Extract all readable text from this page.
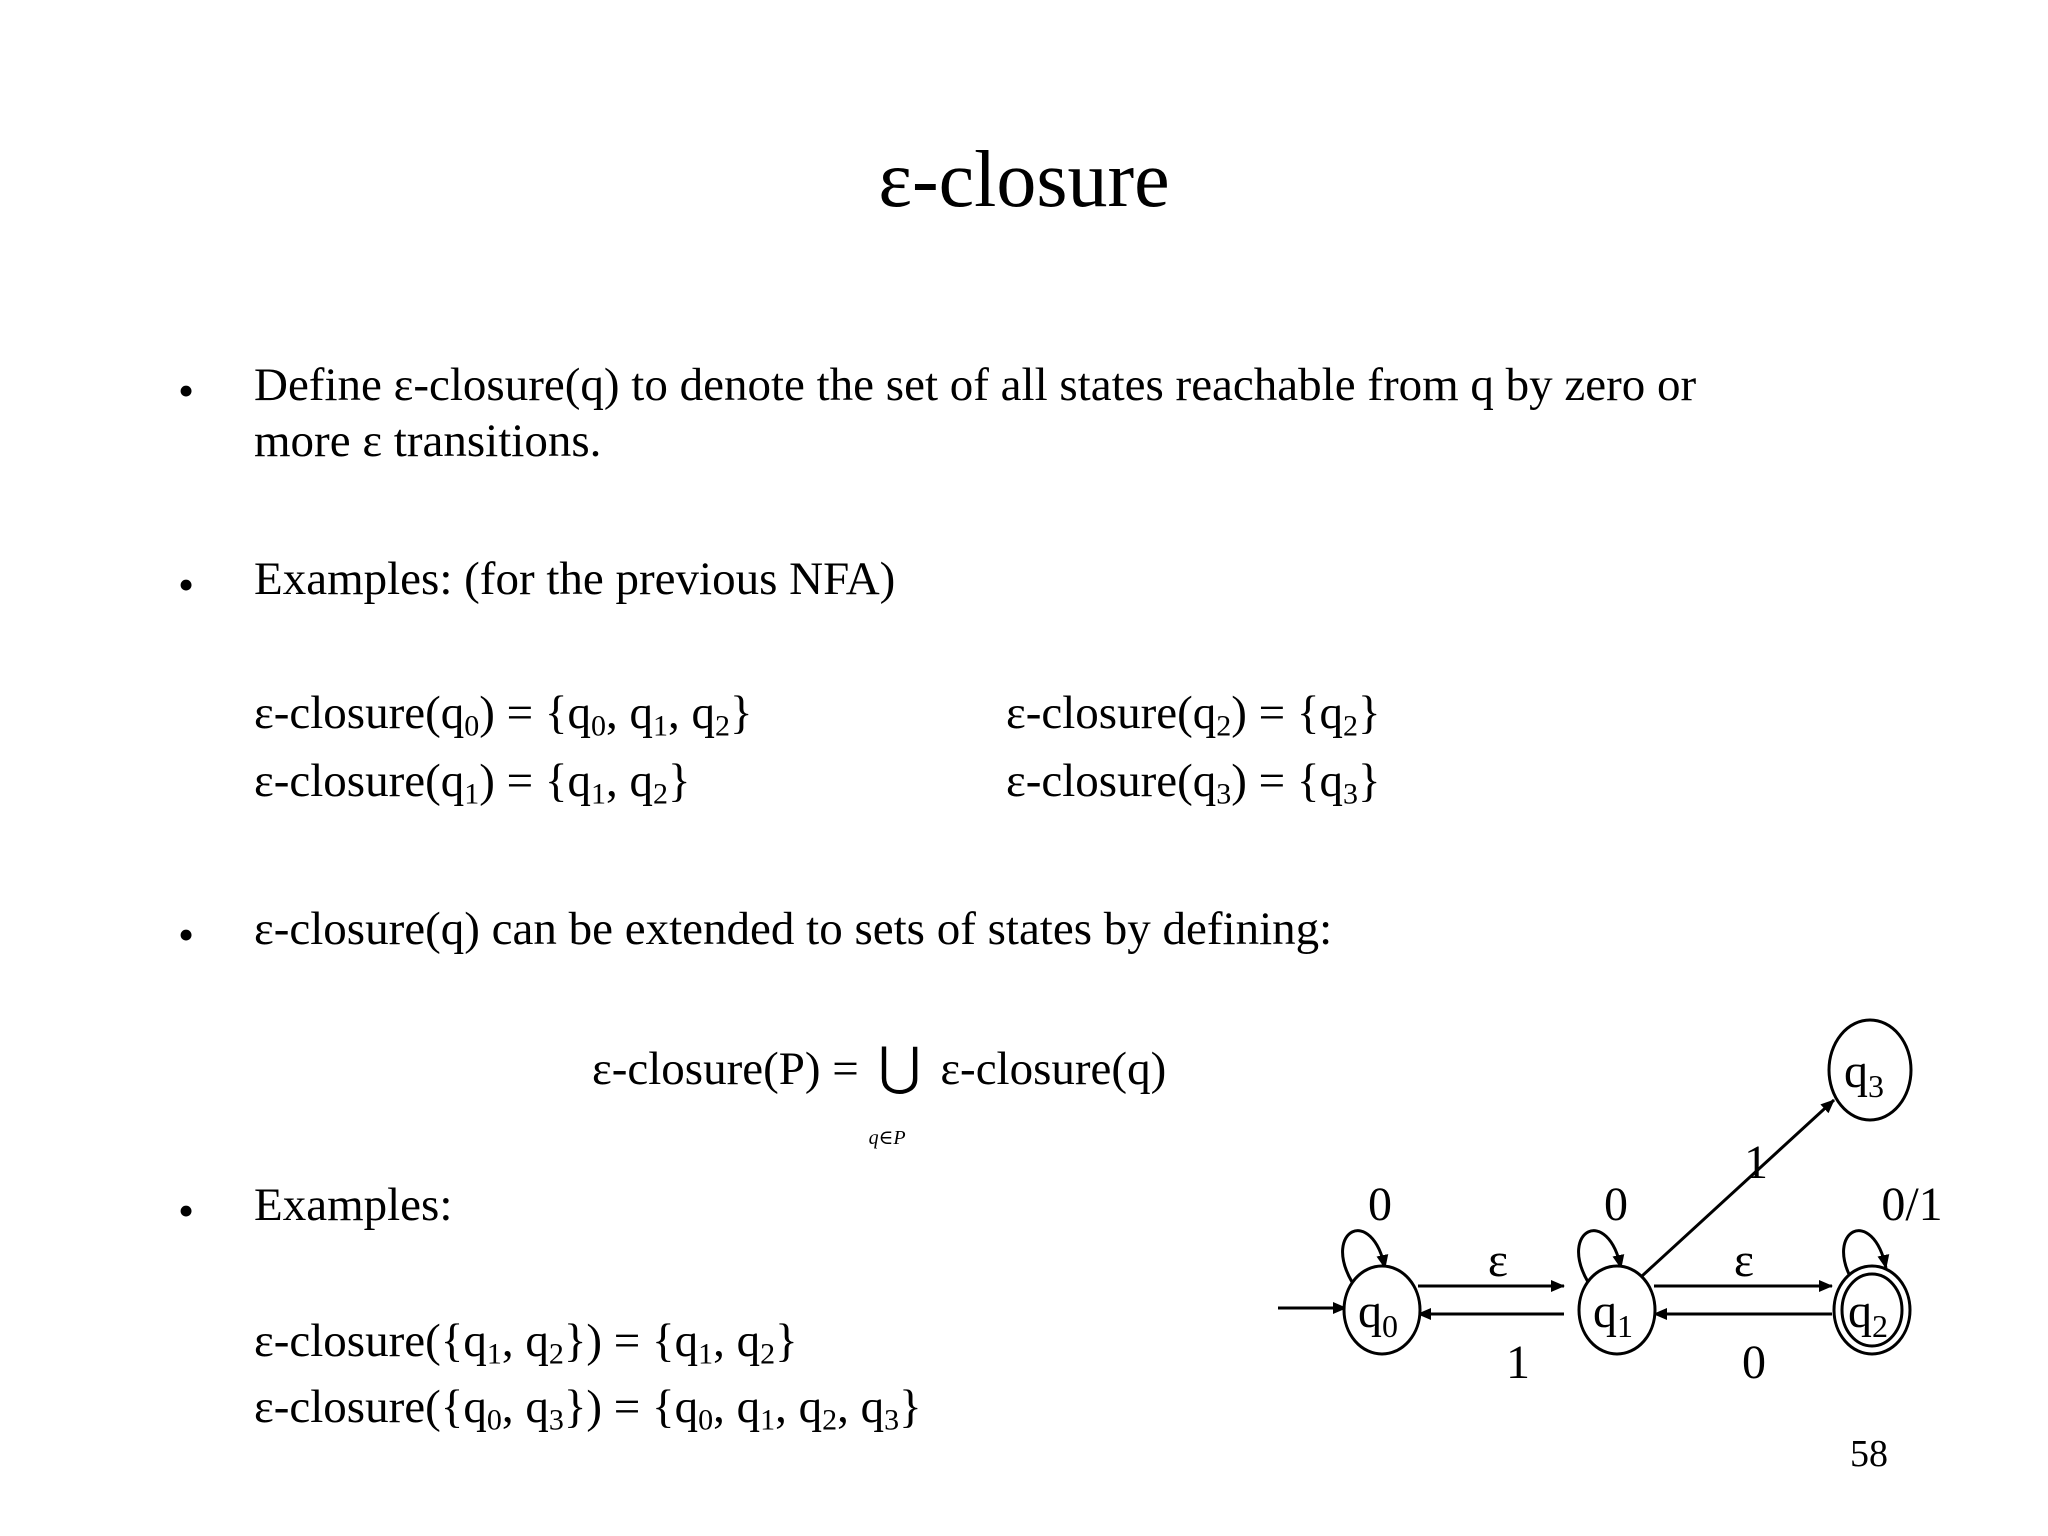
ε-closure
• Define ε-closure(q) to denote the set of all states reachable from q by zero or
more ε transitions.
• Examples: (for the previous NFA)
$\varepsilon-closure(q_0) = \{q_0$, $q_1$, $q_2$}
$\varepsilon-closure(q_1) = \{q_1$, $q_2$}
$\varepsilon-closure(q_2) = \{q_2\}$
$\varepsilon-closure(q_3) = \{q_3\}$
• ε-closure(q) can be extended to sets of states by defining:
ε-closure(P) = ⋃
q∈P
ε-closure(q)
• Examples:
$\varepsilon-closure(\{q_1$, $q_2\}) = \{q_1$, $q_2$}
$\varepsilon-closure(\{q_0$, $q_3\}) = \{q_0$, $q_1$, $q_2$, $q_3$}
$q_0$	$q_1$	$q_2$
$q_3$
0	0	0/1
ε
1
ε
0
1
58
